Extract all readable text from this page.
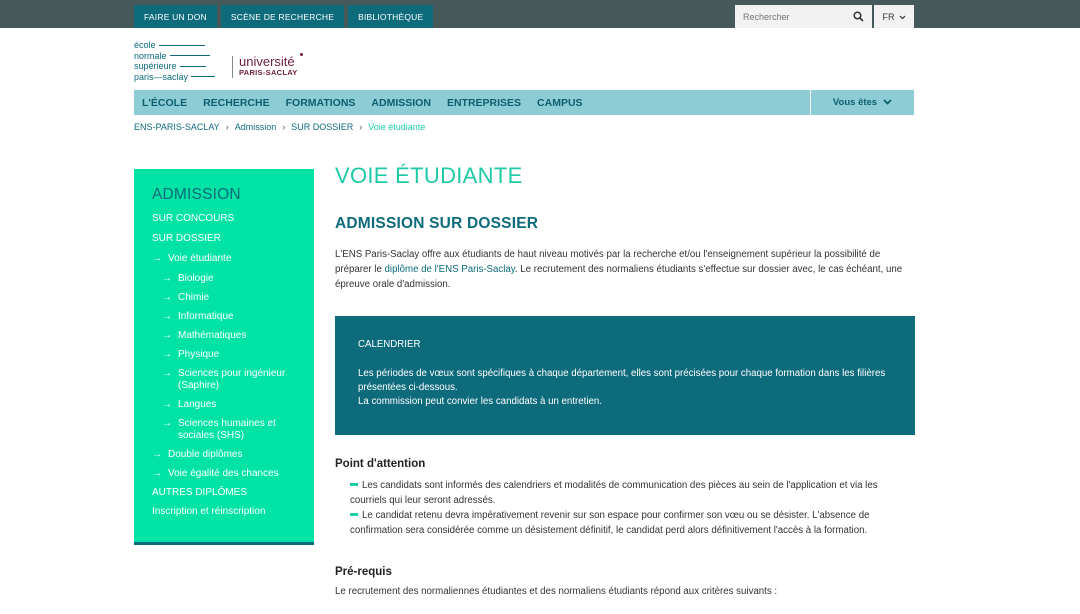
FAIRE UN DON	SCÈNE DE RECHERCHE	BIBLIOTHÈQUE
Rechercher	FR
école
normale
supérieure
paris—saclay
université
PARIS-SACLAY
L'ÉCOLE	RECHERCHE	FORMATIONS	ADMISSION	ENTREPRISES	CAMPUS	Vous êtes
ENS-PARIS-SACLAY › Admission › SUR DOSSIER › Voie étudiante
ADMISSION
SUR CONCOURS
SUR DOSSIER
→ Voie étudiante
→ Biologie
→ Chimie
→ Informatique
→ Mathématiques
→ Physique
→ Sciences pour ingénieur (Saphire)
→ Langues
→ Sciences humaines et sociales (SHS)
→ Double diplômes
→ Voie égalité des chances
AUTRES DIPLÔMES
Inscription et réinscription
VOIE ÉTUDIANTE
ADMISSION SUR DOSSIER
L'ENS Paris-Saclay offre aux étudiants de haut niveau motivés par la recherche et/ou l'enseignement supérieur la possibilité de préparer le diplôme de l'ENS Paris-Saclay. Le recrutement des normaliens étudiants s'effectue sur dossier avec, le cas échéant, une épreuve orale d'admission.
CALENDRIER
Les périodes de vœux sont spécifiques à chaque département, elles sont précisées pour chaque formation dans les filières présentées ci-dessous.
La commission peut convier les candidats à un entretien.
Point d'attention
Les candidats sont informés des calendriers et modalités de communication des pièces au sein de l'application et via les courriels qui leur seront adressés.
Le candidat retenu devra impérativement revenir sur son espace pour confirmer son vœu ou se désister. L'absence de confirmation sera considérée comme un désistement définitif, le candidat perd alors définitivement l'accès à la formation.
Pré-requis
Le recrutement des normaliennes étudiantes et des normaliens étudiants répond aux critères suivants :
